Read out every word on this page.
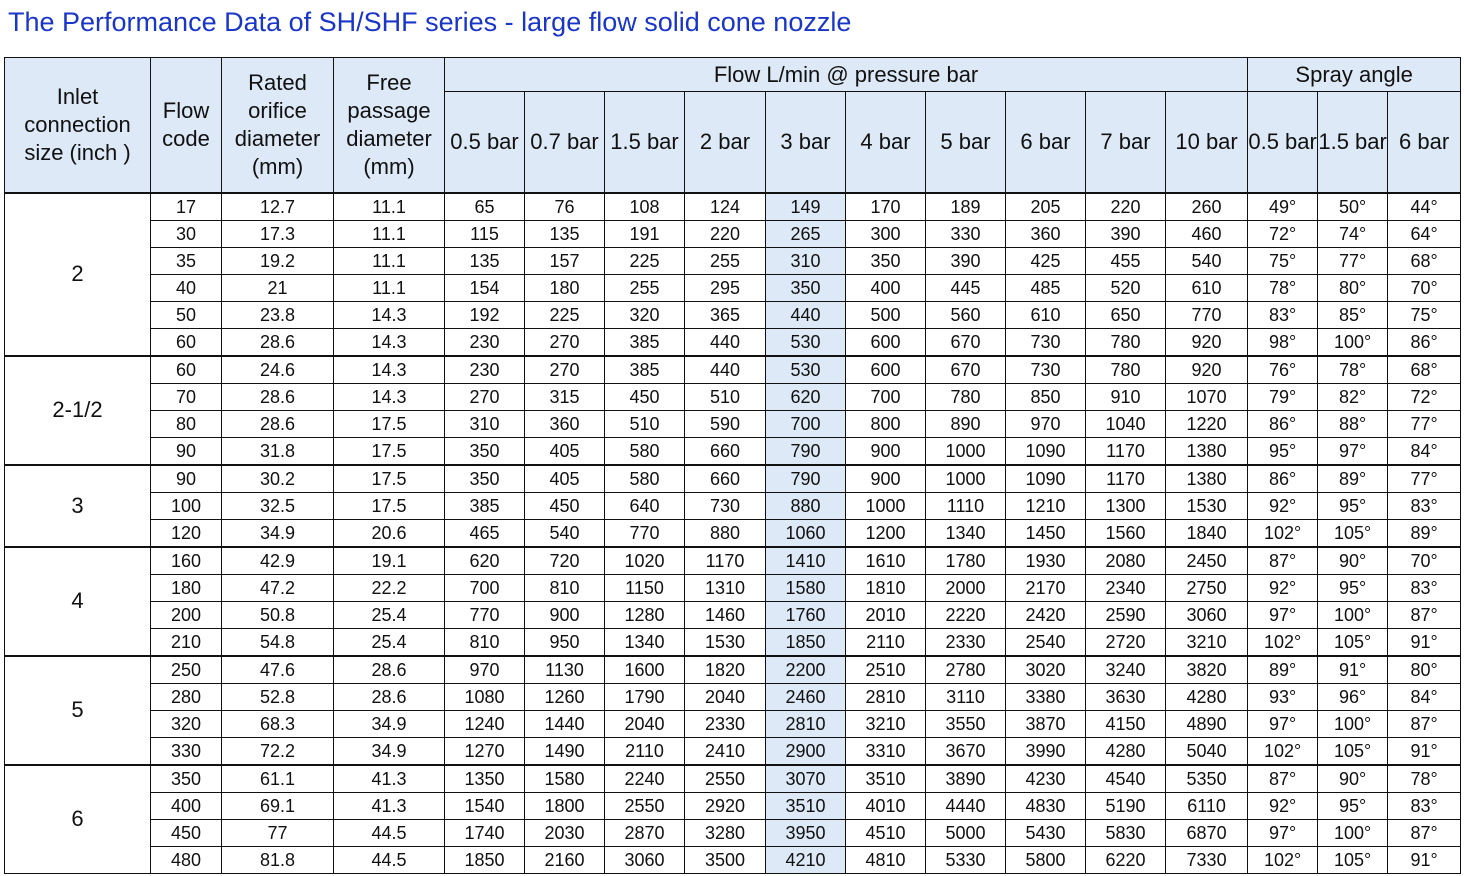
The Performance Data of SH/SHF series - large flow solid cone nozzle
Inlet connection size (inch )	Flow code	Rated orifice diameter (mm)	Free passage diameter (mm)	Flow L/min @ pressure bar										Spray angle		
				0.5 bar	0.7 bar	1.5 bar	2 bar	3 bar	4 bar	5 bar	6 bar	7 bar	10 bar	0.5 bar	1.5 bar	6 bar
2	17	12.7	11.1	65	76	108	124	149	170	189	205	220	260	49°	50°	44°
	30	17.3	11.1	115	135	191	220	265	300	330	360	390	460	72°	74°	64°
	35	19.2	11.1	135	157	225	255	310	350	390	425	455	540	75°	77°	68°
	40	21	11.1	154	180	255	295	350	400	445	485	520	610	78°	80°	70°
	50	23.8	14.3	192	225	320	365	440	500	560	610	650	770	83°	85°	75°
	60	28.6	14.3	230	270	385	440	530	600	670	730	780	920	98°	100°	86°
2-1/2	60	24.6	14.3	230	270	385	440	530	600	670	730	780	920	76°	78°	68°
	70	28.6	14.3	270	315	450	510	620	700	780	850	910	1070	79°	82°	72°
	80	28.6	17.5	310	360	510	590	700	800	890	970	1040	1220	86°	88°	77°
	90	31.8	17.5	350	405	580	660	790	900	1000	1090	1170	1380	95°	97°	84°
3	90	30.2	17.5	350	405	580	660	790	900	1000	1090	1170	1380	86°	89°	77°
	100	32.5	17.5	385	450	640	730	880	1000	1110	1210	1300	1530	92°	95°	83°
	120	34.9	20.6	465	540	770	880	1060	1200	1340	1450	1560	1840	102°	105°	89°
4	160	42.9	19.1	620	720	1020	1170	1410	1610	1780	1930	2080	2450	87°	90°	70°
	180	47.2	22.2	700	810	1150	1310	1580	1810	2000	2170	2340	2750	92°	95°	83°
	200	50.8	25.4	770	900	1280	1460	1760	2010	2220	2420	2590	3060	97°	100°	87°
	210	54.8	25.4	810	950	1340	1530	1850	2110	2330	2540	2720	3210	102°	105°	91°
5	250	47.6	28.6	970	1130	1600	1820	2200	2510	2780	3020	3240	3820	89°	91°	80°
	280	52.8	28.6	1080	1260	1790	2040	2460	2810	3110	3380	3630	4280	93°	96°	84°
	320	68.3	34.9	1240	1440	2040	2330	2810	3210	3550	3870	4150	4890	97°	100°	87°
	330	72.2	34.9	1270	1490	2110	2410	2900	3310	3670	3990	4280	5040	102°	105°	91°
6	350	61.1	41.3	1350	1580	2240	2550	3070	3510	3890	4230	4540	5350	87°	90°	78°
	400	69.1	41.3	1540	1800	2550	2920	3510	4010	4440	4830	5190	6110	92°	95°	83°
	450	77	44.5	1740	2030	2870	3280	3950	4510	5000	5430	5830	6870	97°	100°	87°
	480	81.8	44.5	1850	2160	3060	3500	4210	4810	5330	5800	6220	7330	102°	105°	91°
